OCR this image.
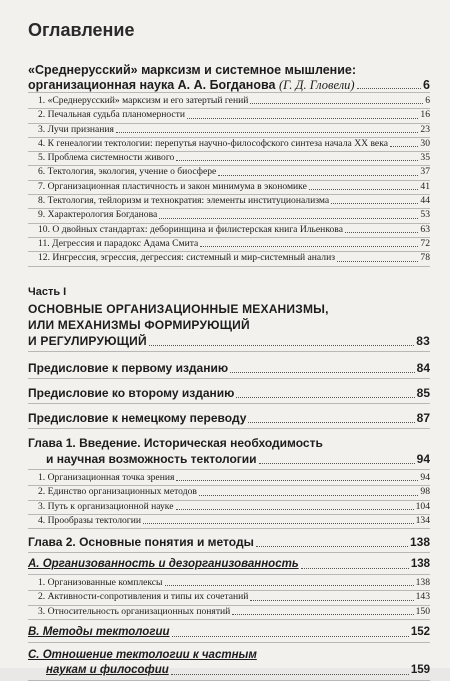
Оглавление
«Среднерусский» марксизм и системное мышление:
организационная наука А. А. Богданова
(Г. Д. Гловели)	6
1. «Среднерусский» марксизм и его затертый гений	6
2. Печальная судьба планомерности	16
3. Лучи признания	23
4. К генеалогии тектологии: перепутья научно-философского синтеза начала XX века	30
5. Проблема системности живого	35
6. Тектология, экология, учение о биосфере	37
7. Организационная пластичность и закон минимума в экономике	41
8. Тектология, тейлоризм и технократия: элементы институционализма	44
9. Характерология Богданова	53
10. О двойных стандартах: деборинщина и филистерская книга Ильенкова	63
11. Дегрессия и парадокс Адама Смита	72
12. Ингрессия, эгрессия, дегрессия: системный и мир-системный анализ	78
Часть I
ОСНОВНЫЕ ОРГАНИЗАЦИОННЫЕ МЕХАНИЗМЫ,
ИЛИ МЕХАНИЗМЫ ФОРМИРУЮЩИЙ
И РЕГУЛИРУЮЩИЙ	83
Предисловие к первому изданию	84
Предисловие ко второму изданию	85
Предисловие к немецкому переводу	87
Глава 1. Введение. Историческая необходимость
и научная возможность тектологии	94
1. Организационная точка зрения	94
2. Единство организационных методов	98
3. Путь к организационной науке	104
4. Прообразы тектологии	134
Глава 2. Основные понятия и методы	138
А. Организованность и дезорганизованность	138
1. Организованные комплексы	138
2. Активности-сопротивления и типы их сочетаний	143
3. Относительность организационных понятий	150
В. Методы тектологии	152
С. Отношение тектологии к частным
наукам и философии	159
